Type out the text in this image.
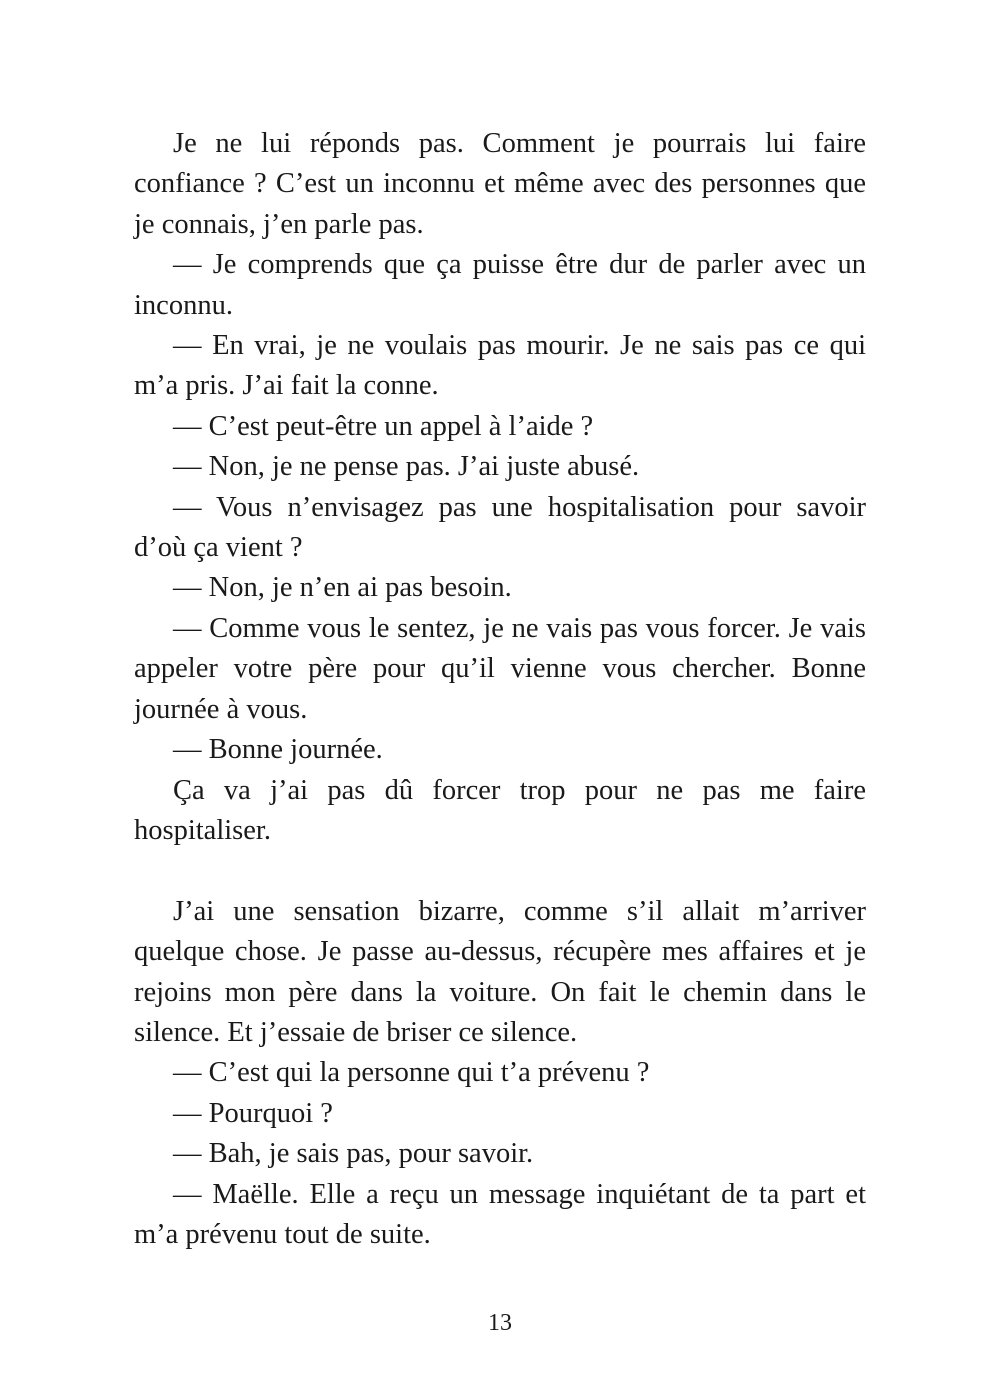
Je ne lui réponds pas. Comment je pourrais lui faire confiance ? C’est un inconnu et même avec des personnes que je connais, j’en parle pas.

— Je comprends que ça puisse être dur de parler avec un inconnu.

— En vrai, je ne voulais pas mourir. Je ne sais pas ce qui m’a pris. J’ai fait la conne.

— C’est peut-être un appel à l’aide ?

— Non, je ne pense pas. J’ai juste abusé.

— Vous n’envisagez pas une hospitalisation pour savoir d’où ça vient ?

— Non, je n’en ai pas besoin.

— Comme vous le sentez, je ne vais pas vous forcer. Je vais appeler votre père pour qu’il vienne vous chercher. Bonne journée à vous.

— Bonne journée.

Ça va j’ai pas dû forcer trop pour ne pas me faire hospitaliser.

J’ai une sensation bizarre, comme s’il allait m’arriver quelque chose. Je passe au-dessus, récupère mes affaires et je rejoins mon père dans la voiture. On fait le chemin dans le silence. Et j’essaie de briser ce silence.

— C’est qui la personne qui t’a prévenu ?

— Pourquoi ?

— Bah, je sais pas, pour savoir.

— Maëlle. Elle a reçu un message inquiétant de ta part et m’a prévenu tout de suite.

13
